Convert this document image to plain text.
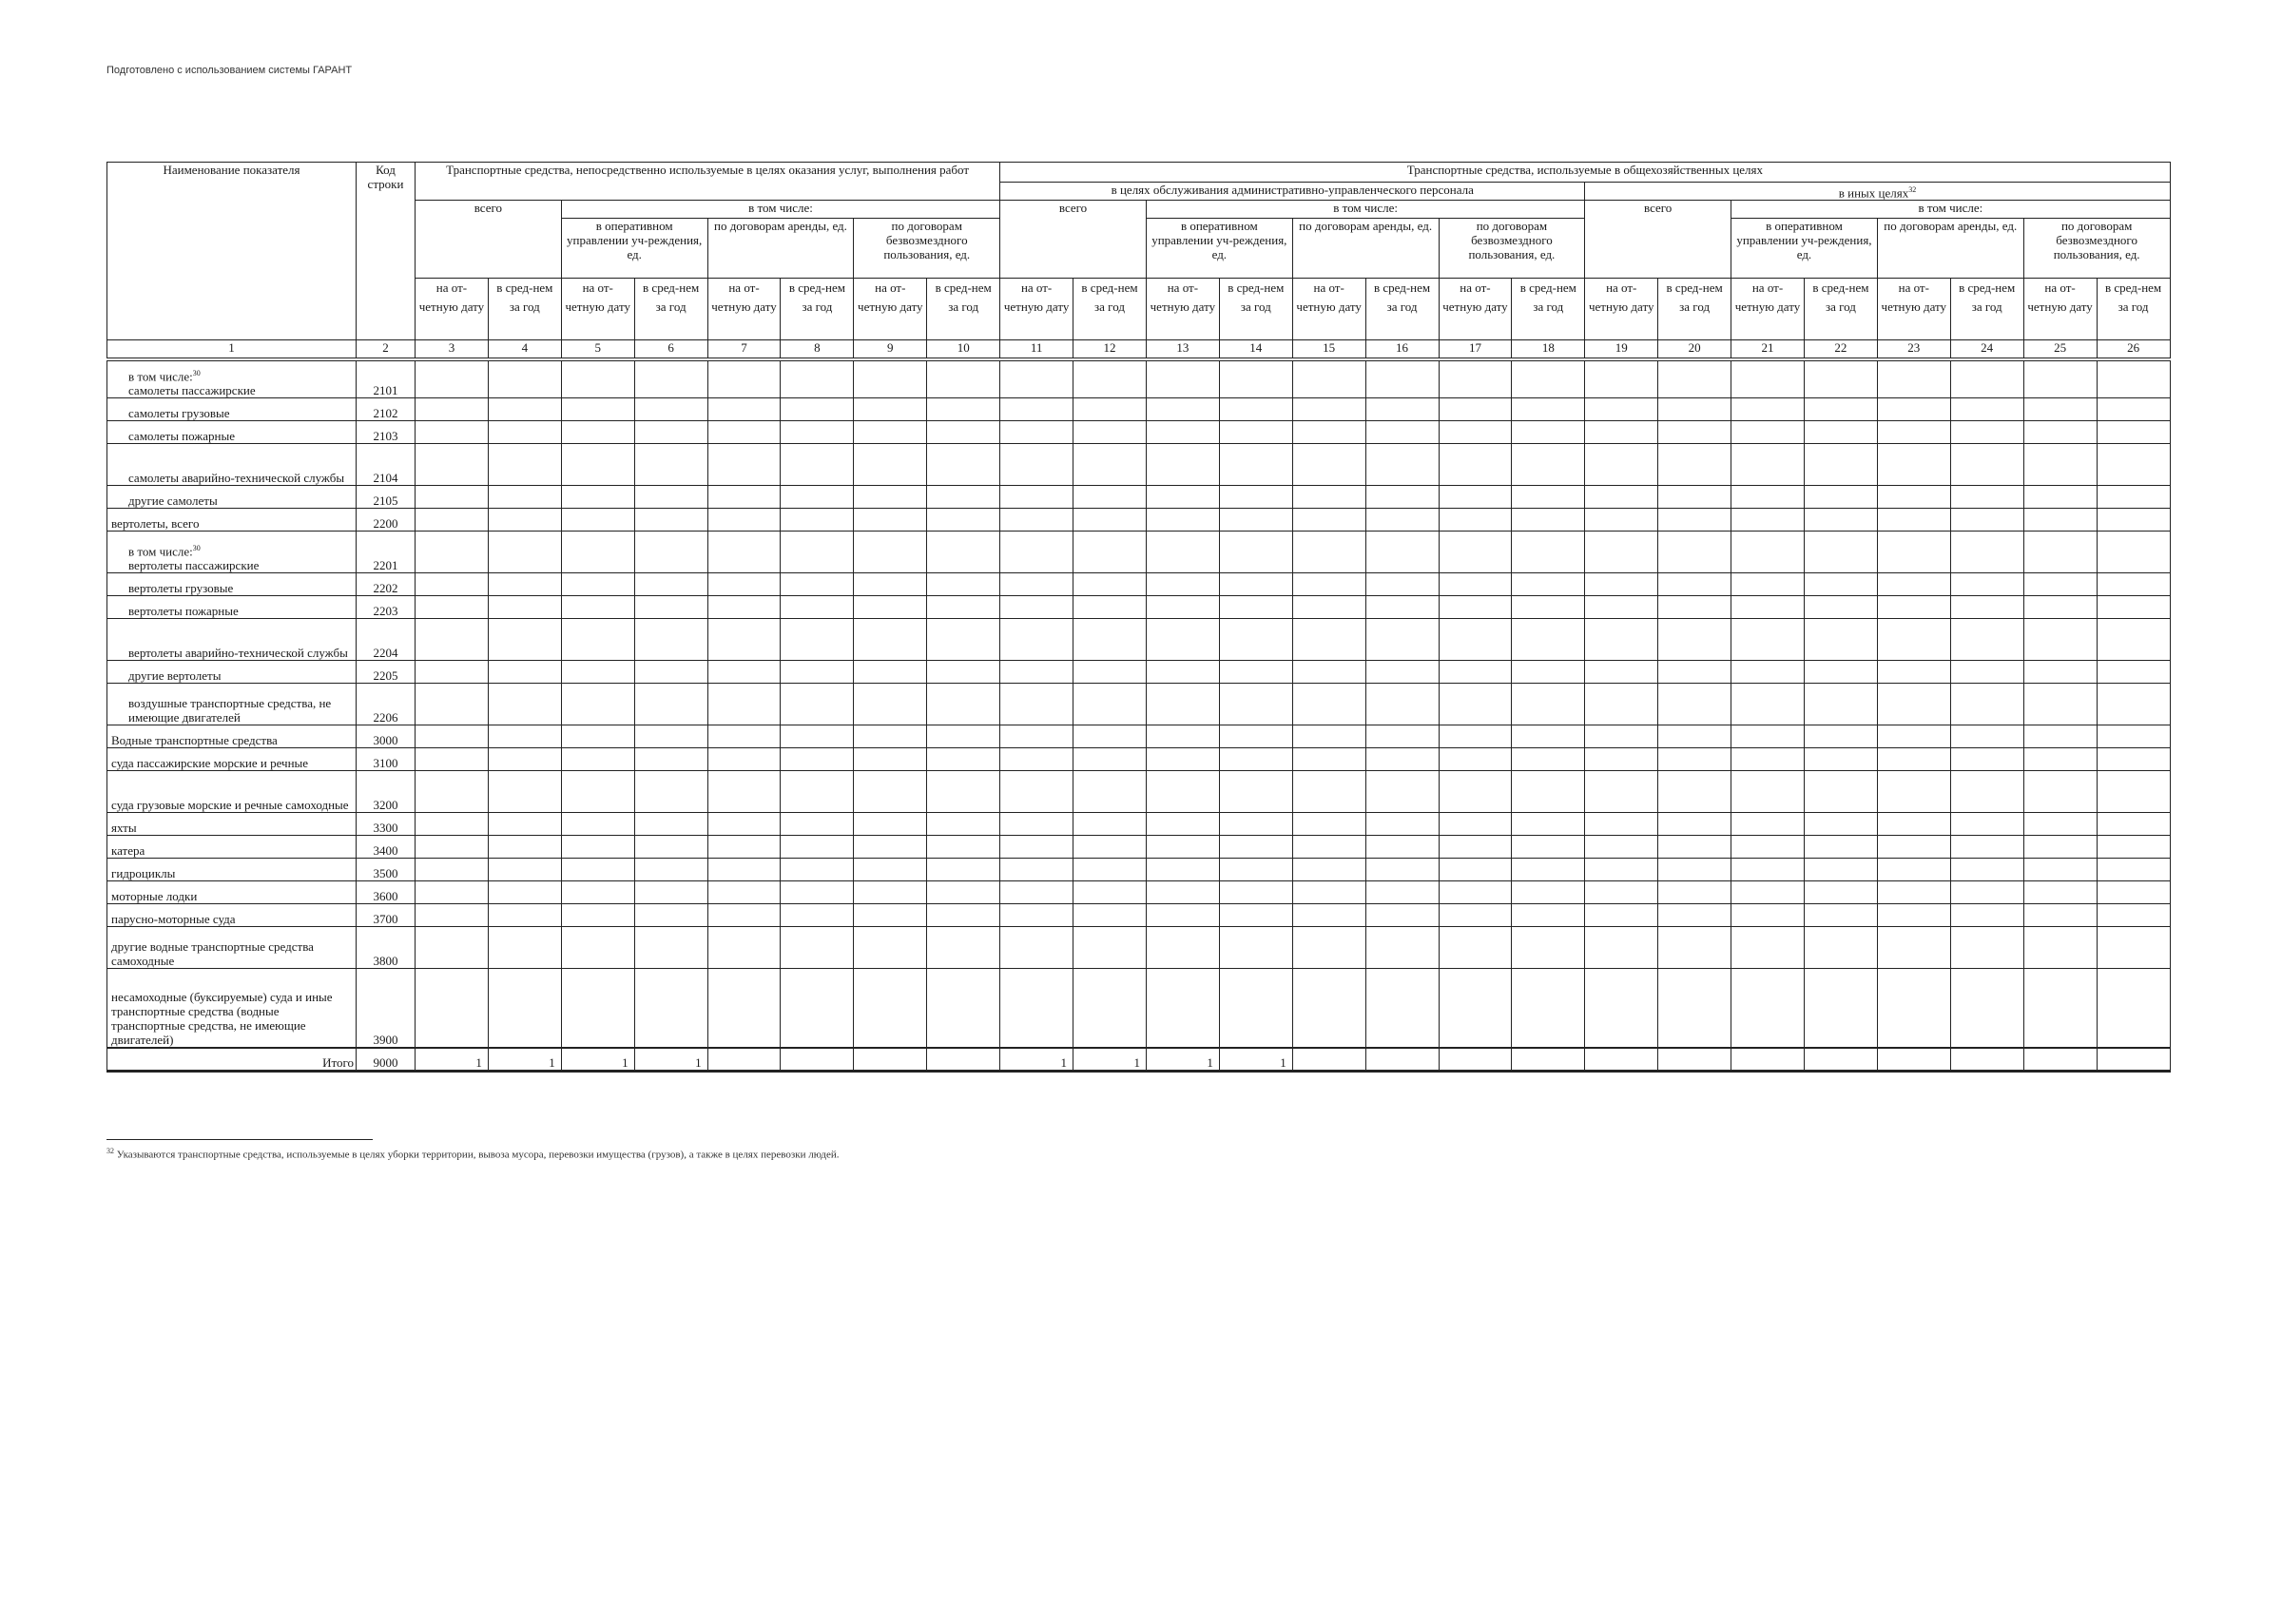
Подготовлено с использованием системы ГАРАНТ
Наименование показателя	Код строки	Транспортные средства, непосредственно используемые в целях оказания услуг, выполнения работ								Транспортные средства, используемые в общехозяйственных целях															
										в целях обслуживания административно-управленческого персонала								в иных целях$^{32}$
		всего		в том числе:						всего		в том числе:						всего		в том числе:					
				в оперативном управлении уч-реждения, ед.		по договорам аренды, ед.		по договорам безвозмездного пользования, ед.				в оперативном управлении уч-реждения, ед.		по договорам аренды, ед.		по договорам безвозмездного пользования, ед.				в оперативном управлении уч-реждения, ед.		по договорам аренды, ед.		по договорам безвозмездного пользования, ед.	
		на от-четную дату	в сред-нем за год	на от-четную дату	в сред-нем за год	на от-четную дату	в сред-нем за год	на от-четную дату	в сред-нем за год	на от-четную дату	в сред-нем за год	на от-четную дату	в сред-нем за год	на от-четную дату	в сред-нем за год	на от-четную дату	в сред-нем за год	на от-четную дату	в сред-нем за год	на от-четную дату	в сред-нем за год	на от-четную дату	в сред-нем за год	на от-четную дату	в сред-нем за год
1	2	3	4	5	6	7	8	9	10	11	12	13	14	15	16	17	18	19	20	21	22	23	24	25	26
в том числе:$^{30}$
самолеты пассажирские	2101																								
самолеты грузовые	2102																								
самолеты пожарные	2103																								
самолеты аварийно-технической службы	2104																								
другие самолеты	2105																								
вертолеты, всего	2200																								
в том числе:$^{30}$
вертолеты пассажирские	2201																								
вертолеты грузовые	2202																								
вертолеты пожарные	2203																								
вертолеты аварийно-технической службы	2204																								
другие вертолеты	2205																								
воздушные транспортные средства, не имеющие двигателей	2206																								
Водные транспортные средства	3000																								
суда пассажирские морские и речные	3100																								
суда грузовые морские и речные самоходные	3200																								
яхты	3300																								
катера	3400																								
гидроциклы	3500																								
моторные лодки	3600																								
парусно-моторные суда	3700																								
другие водные транспортные средства самоходные	3800																								
несамоходные (буксируемые) суда и иные транспортные средства (водные транспортные средства, не имеющие двигателей)	3900																								
Итого	9000	1	1	1	1					1	1	1	1												
$^{32}$ Указываются транспортные средства, используемые в целях уборки территории, вывоза мусора, перевозки имущества (грузов), а также в целях перевозки людей.
